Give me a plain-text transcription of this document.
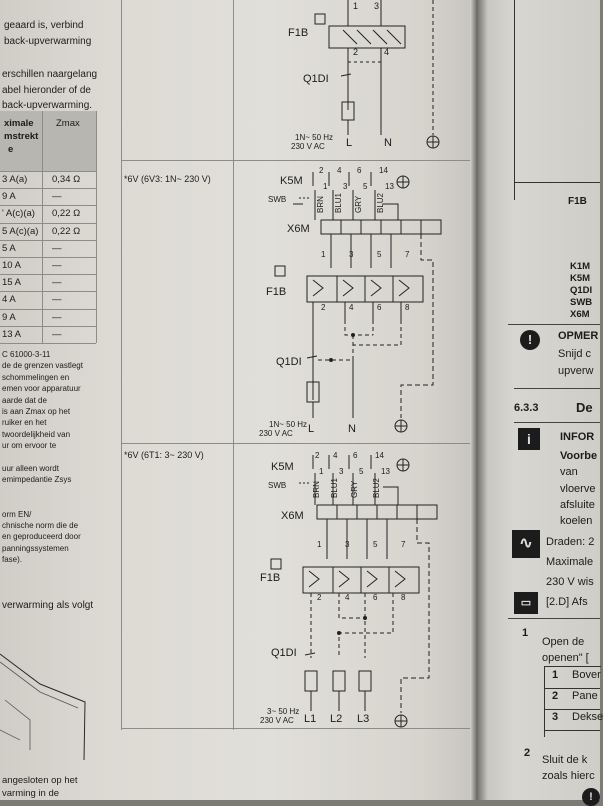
geaard is, verbind
back-upverwarming
erschillen naargelang
abel hieronder of de
back-upverwarming.
ximale
mstrekt
e
Zmax
3 A(a)	0,34 Ω
9 A	—
' A(c)(a) 0,22 Ω
5 A(c)(a) 0,22 Ω
5 A	—
10 A	—
15 A	—
4 A	—
9 A	—
13 A	—
C 61000-3-11
de de grenzen vastlegt
schommelingen en
emen voor apparatuur
aarde dat de
is aan Zmax op het
ruiker en het
twoordelijkheid van
ur om ervoor te
uur alleen wordt
emimpedantie Zsys
orm EN/
chnische norm die de
en geproduceerd door
panningssystemen
fase).
verwarming als volgt
angesloten op het
varming in de
*6V (6V3: 1N~ 230 V)
*6V (6T1: 3~ 230 V)
F1B
Q1DI
1 3
2	4
1N~ 50 Hz
230 V AC L	N
K5M
SWB
X6M
F1B
Q1DI
1N~ 50 Hz
230 V AC L	N
BRN BLU1 GRY BLU2
2 4 6 14
1 3 5 13
1	3	5	7
2	4	6	8
K5M
SWB
X6M
F1B
Q1DI
3~ 50 Hz
230 V AC L1 L2 L3
BRN BLU1 GRY BLU2
2 4 6 14
1 3 5 13
1	3	5	7
2	4	6	8
F1B
K1M
K5M
Q1DI
SWB
X6M
!	OPMER
Snijd c
upverw
6.3.3	De
i	INFOR
Voorbe
van
vloerve
afsluite
koelen
∿	Draden: 2
Maximale
230 V wis
▭	[2.D] Afs
1
Open de
openen" [
1 Bover
2 Pane
3 Dekse
2
Sluit de k
zoals hierc
!
